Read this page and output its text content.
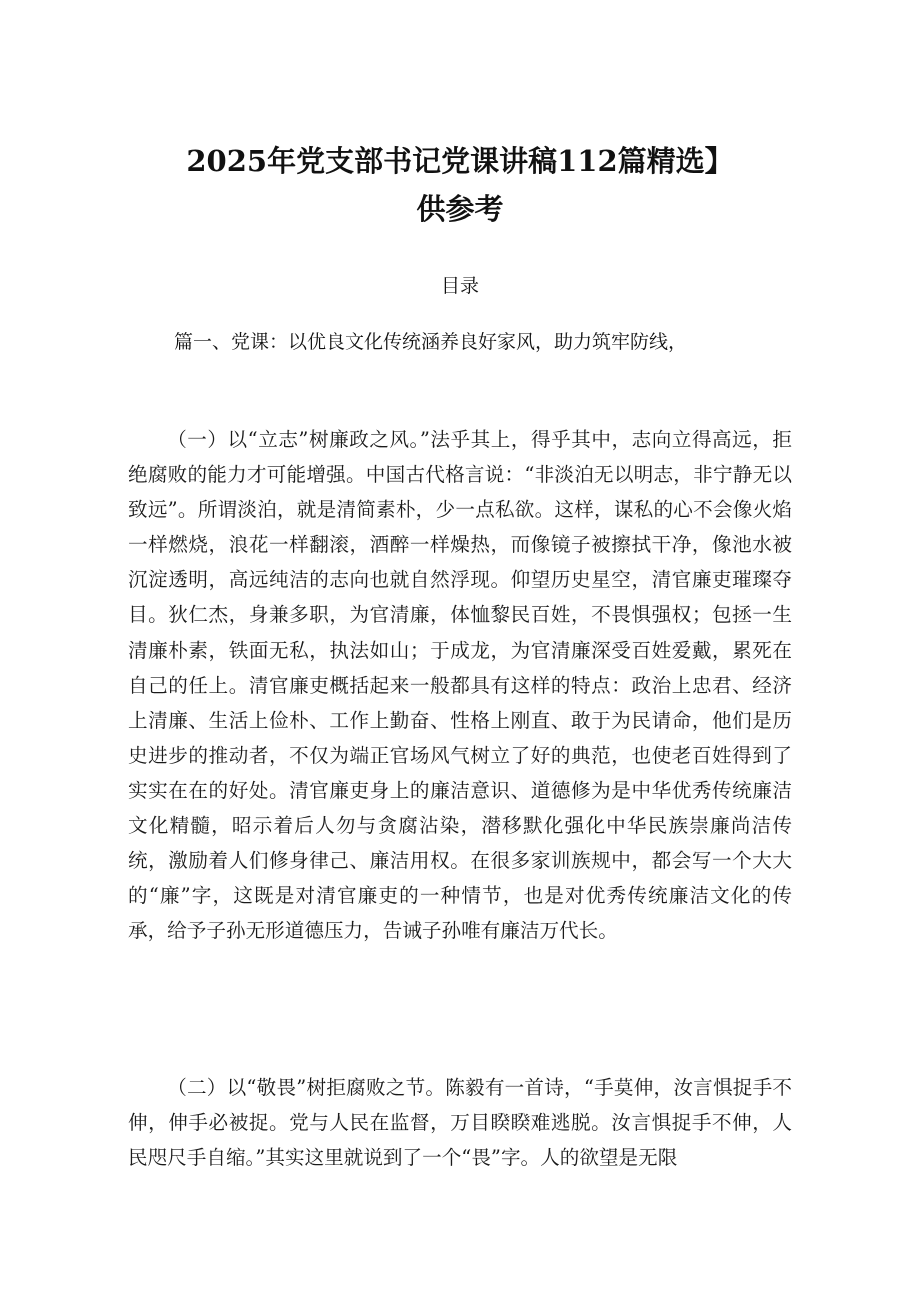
2025年党支部书记党课讲稿112篇精选】
供参考
目录
篇一、党课：以优良文化传统涵养良好家风，助力筑牢防线，

（一）以“立志”树廉政之风。”法乎其上，得乎其中，志向立得高远，拒绝腐败的能力才可能增强。中国古代格言说：“非淡泊无以明志，非宁静无以致远”。所谓淡泊，就是清简素朴，少一点私欲。这样，谋私的心不会像火焰一样燃烧，浪花一样翻滚，酒醉一样燥热，而像镜子被擦拭干净，像池水被沉淀透明，高远纯洁的志向也就自然浮现。仰望历史星空，清官廉吏璀璨夺目。狄仁杰，身兼多职，为官清廉，体恤黎民百姓，不畏惧强权；包拯一生清廉朴素，铁面无私，执法如山；于成龙，为官清廉深受百姓爱戴，累死在自己的任上。清官廉吏概括起来一般都具有这样的特点：政治上忠君、经济上清廉、生活上俭朴、工作上勤奋、性格上刚直、敢于为民请命，他们是历史进步的推动者，不仅为端正官场风气树立了好的典范，也使老百姓得到了实实在在的好处。清官廉吏身上的廉洁意识、道德修为是中华优秀传统廉洁文化精髓，昭示着后人勿与贪腐沾染，潜移默化强化中华民族崇廉尚洁传统，激励着人们修身律己、廉洁用权。在很多家训族规中，都会写一个大大的“廉”字，这既是对清官廉吏的一种情节，也是对优秀传统廉洁文化的传承，给予子孙无形道德压力，告诫子孙唯有廉洁万代长。

（二）以“敬畏”树拒腐败之节。陈毅有一首诗，“手莫伸，汝言惧捉手不伸，伸手必被捉。党与人民在监督，万目睽睽难逃脱。汝言惧捉手不伸，人民咫尺手自缩。”其实这里就说到了一个“畏”字。人的欲望是无限
